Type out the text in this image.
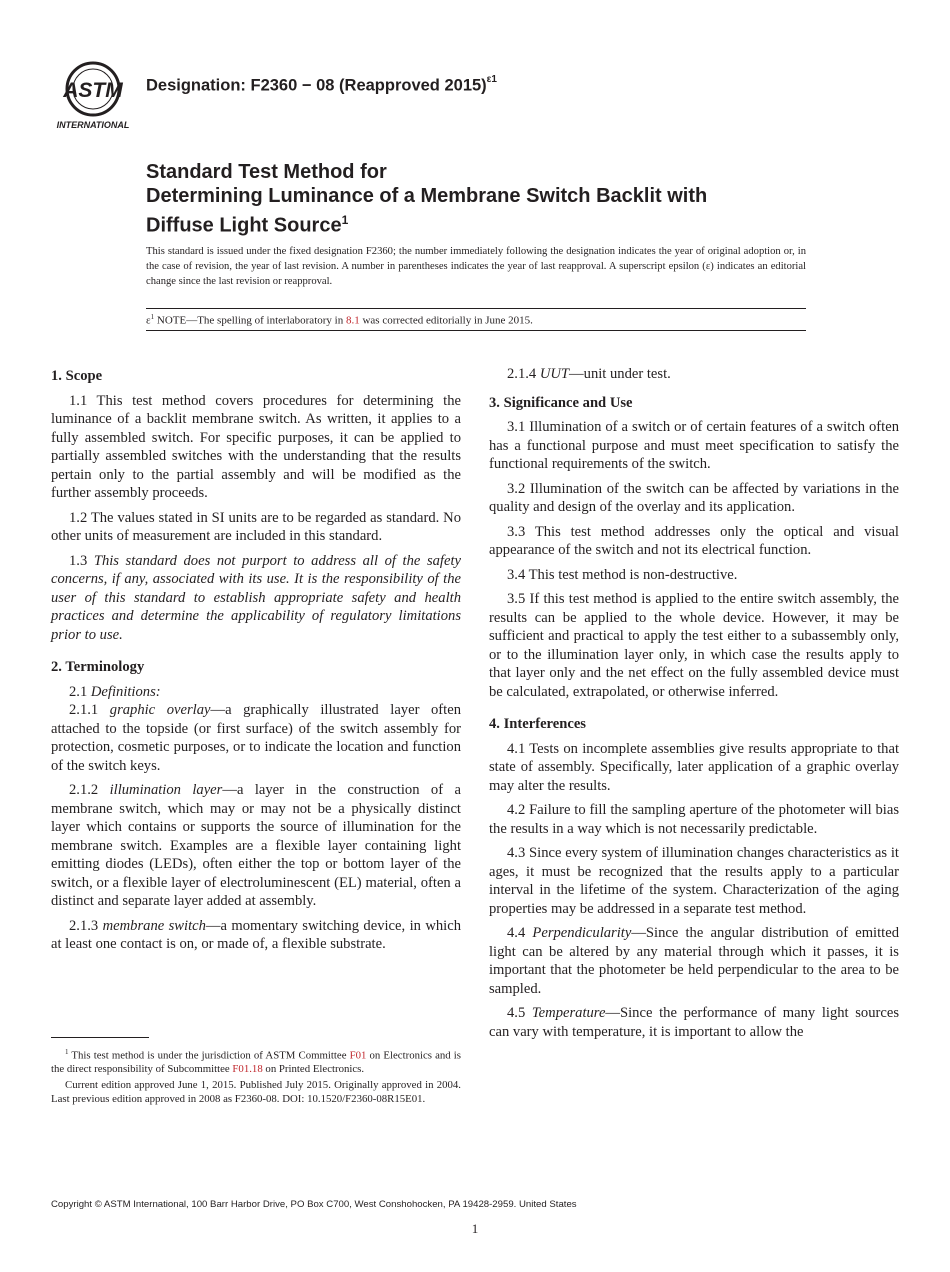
ASTM
INTERNATIONAL
Designation: F2360 − 08 (Reapproved 2015)$^{\varepsilon 1}$
Standard Test Method for
Determining Luminance of a Membrane Switch Backlit with
Diffuse Light Source$^1$
This standard is issued under the fixed designation F2360; the number immediately following the designation indicates the year of original adoption or, in the case of revision, the year of last revision. A number in parentheses indicates the year of last reapproval. A superscript epsilon (ε) indicates an editorial change since the last revision or reapproval.
$\varepsilon^1$ NOTE—The spelling of interlaboratory in 8.1 was corrected editorially in June 2015.
1. Scope

1.1 This test method covers procedures for determining the luminance of a backlit membrane switch. As written, it applies to a fully assembled switch. For specific purposes, it can be applied to partially assembled switches with the understanding that the results pertain only to the partial assembly and will be modified as the further assembly proceeds.

1.2 The values stated in SI units are to be regarded as standard. No other units of measurement are included in this standard.

1.3 This standard does not purport to address all of the safety concerns, if any, associated with its use. It is the responsibility of the user of this standard to establish appropriate safety and health practices and determine the applicability of regulatory limitations prior to use.

2. Terminology

2.1 Definitions:

2.1.1 graphic overlay—a graphically illustrated layer often attached to the topside (or first surface) of the switch assembly for protection, cosmetic purposes, or to indicate the location and function of the switch keys.

2.1.2 illumination layer—a layer in the construction of a membrane switch, which may or may not be a physically distinct layer which contains or supports the source of illumination for the membrane switch. Examples are a flexible layer containing light emitting diodes (LEDs), often either the top or bottom layer of the switch, or a flexible layer of electroluminescent (EL) material, often a distinct and separate layer added at assembly.

2.1.3 membrane switch—a momentary switching device, in which at least one contact is on, or made of, a flexible substrate.

2.1.4 UUT—unit under test.

3. Significance and Use

3.1 Illumination of a switch or of certain features of a switch often has a functional purpose and must meet specification to satisfy the functional requirements of the switch.

3.2 Illumination of the switch can be affected by variations in the quality and design of the overlay and its application.

3.3 This test method addresses only the optical and visual appearance of the switch and not its electrical function.

3.4 This test method is non-destructive.

3.5 If this test method is applied to the entire switch assembly, the results can be applied to the whole device. However, it may be sufficient and practical to apply the test either to a subassembly only, or to the illumination layer only, in which case the results apply to that layer only and the net effect on the fully assembled device must be calculated, extrapolated, or otherwise inferred.

4. Interferences

4.1 Tests on incomplete assemblies give results appropriate to that state of assembly. Specifically, later application of a graphic overlay may alter the results.

4.2 Failure to fill the sampling aperture of the photometer will bias the results in a way which is not necessarily predictable.

4.3 Since every system of illumination changes characteristics as it ages, it must be recognized that the results apply to a particular interval in the lifetime of the system. Characterization of the aging properties may be addressed in a separate test method.

4.4 Perpendicularity—Since the angular distribution of emitted light can be altered by any material through which it passes, it is important that the photometer be held perpendicular to the area to be sampled.

4.5 Temperature—Since the performance of many light sources can vary with temperature, it is important to allow the

$^1$ This test method is under the jurisdiction of ASTM Committee F01 on Electronics and is the direct responsibility of Subcommittee F01.18 on Printed Electronics.

Current edition approved June 1, 2015. Published July 2015. Originally approved in 2004. Last previous edition approved in 2008 as F2360-08. DOI: 10.1520/F2360-08R15E01.

Copyright © ASTM International, 100 Barr Harbor Drive, PO Box C700, West Conshohocken, PA 19428-2959. United States
1
